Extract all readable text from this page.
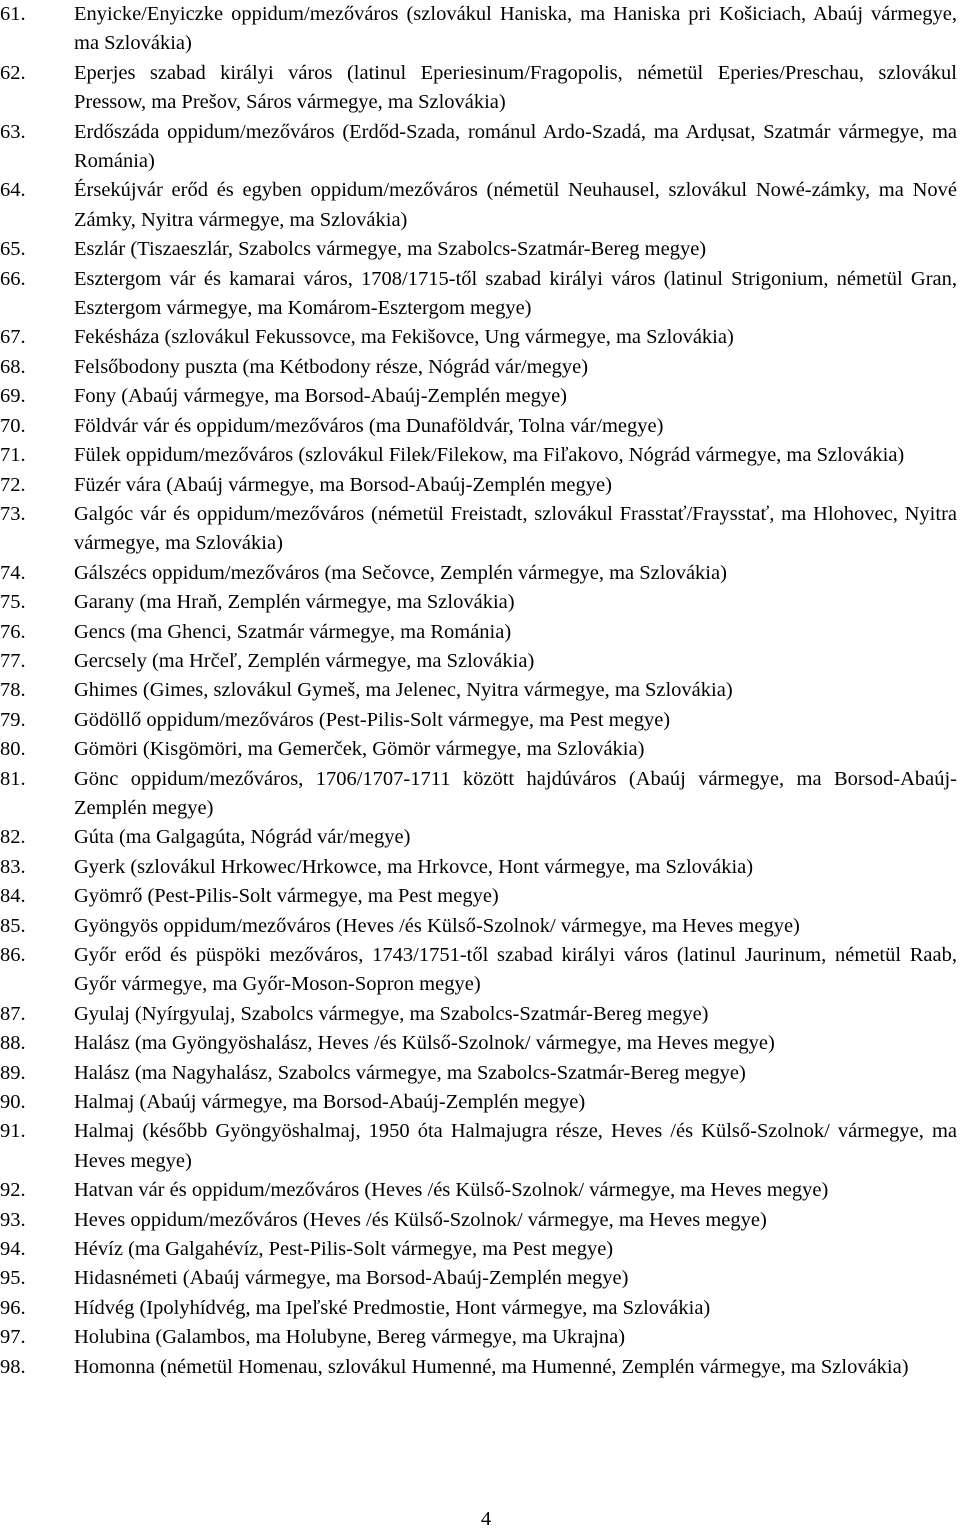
61. Enyicke/Enyiczke oppidum/mezőváros (szlovákul Haniska, ma Haniska pri Košiciach, Abaúj vármegye, ma Szlovákia)
62. Eperjes szabad királyi város (latinul Eperiesinum/Fragopolis, németül Eperies/Preschau, szlovákul Pressow, ma Prešov, Sáros vármegye, ma Szlovákia)
63. Erdőszáda oppidum/mezőváros (Erdőd-Szada, románul Ardo-Szadá, ma Ardụsat, Szatmár vármegye, ma Románia)
64. Érsekújvár erőd és egyben oppidum/mezőváros (németül Neuhausel, szlovákul Nowé-zámky, ma Nové Zámky, Nyitra vármegye, ma Szlovákia)
65. Eszlár (Tiszaeszlár, Szabolcs vármegye, ma Szabolcs-Szatmár-Bereg megye)
66. Esztergom vár és kamarai város, 1708/1715-től szabad királyi város (latinul Strigonium, németül Gran, Esztergom vármegye, ma Komárom-Esztergom megye)
67. Fekésháza (szlovákul Fekussovce, ma Fekišovce, Ung vármegye, ma Szlovákia)
68. Felsőbodony puszta (ma Kétbodony része, Nógrád vár/megye)
69. Fony (Abaúj vármegye, ma Borsod-Abaúj-Zemplén megye)
70. Földvár vár és oppidum/mezőváros (ma Dunaföldvár, Tolna vár/megye)
71. Fülek oppidum/mezőváros (szlovákul Filek/Filekow, ma Fiľakovo, Nógrád vármegye, ma Szlovákia)
72. Füzér vára (Abaúj vármegye, ma Borsod-Abaúj-Zemplén megye)
73. Galgóc vár és oppidum/mezőváros (németül Freistadt, szlovákul Frasstať/Fraysstať, ma Hlohovec, Nyitra vármegye, ma Szlovákia)
74. Gálszécs oppidum/mezőváros (ma Sečovce, Zemplén vármegye, ma Szlovákia)
75. Garany (ma Hraň, Zemplén vármegye, ma Szlovákia)
76. Gencs (ma Ghenci, Szatmár vármegye, ma Románia)
77. Gercsely (ma Hrčeľ, Zemplén vármegye, ma Szlovákia)
78. Ghimes (Gimes, szlovákul Gymeš, ma Jelenec, Nyitra vármegye, ma Szlovákia)
79. Gödöllő oppidum/mezőváros (Pest-Pilis-Solt vármegye, ma Pest megye)
80. Gömöri (Kisgömöri, ma Gemerček, Gömör vármegye, ma Szlovákia)
81. Gönc oppidum/mezőváros, 1706/1707-1711 között hajdúváros (Abaúj vármegye, ma Borsod-Abaúj-Zemplén megye)
82. Gúta (ma Galgagúta, Nógrád vár/megye)
83. Gyerk (szlovákul Hrkowec/Hrkowce, ma Hrkovce, Hont vármegye, ma Szlovákia)
84. Gyömrő (Pest-Pilis-Solt vármegye, ma Pest megye)
85. Gyöngyös oppidum/mezőváros (Heves /és Külső-Szolnok/ vármegye, ma Heves megye)
86. Győr erőd és püspöki mezőváros, 1743/1751-től szabad királyi város (latinul Jaurinum, németül Raab, Győr vármegye, ma Győr-Moson-Sopron megye)
87. Gyulaj (Nyírgyulaj, Szabolcs vármegye, ma Szabolcs-Szatmár-Bereg megye)
88. Halász (ma Gyöngyöshalász, Heves /és Külső-Szolnok/ vármegye, ma Heves megye)
89. Halász (ma Nagyhalász, Szabolcs vármegye, ma Szabolcs-Szatmár-Bereg megye)
90. Halmaj (Abaúj vármegye, ma Borsod-Abaúj-Zemplén megye)
91. Halmaj (később Gyöngyöshalmaj, 1950 óta Halmajugra része, Heves /és Külső-Szolnok/ vármegye, ma Heves megye)
92. Hatvan vár és oppidum/mezőváros (Heves /és Külső-Szolnok/ vármegye, ma Heves megye)
93. Heves oppidum/mezőváros (Heves /és Külső-Szolnok/ vármegye, ma Heves megye)
94. Hévíz (ma Galgahévíz, Pest-Pilis-Solt vármegye, ma Pest megye)
95. Hidasnémeti (Abaúj vármegye, ma Borsod-Abaúj-Zemplén megye)
96. Hídvég (Ipolyhídvég, ma Ipeľské Predmostie, Hont vármegye, ma Szlovákia)
97. Holubina (Galambos, ma Holubyne, Bereg vármegye, ma Ukrajna)
98. Homonna (németül Homenau, szlovákul Humenné, ma Humenné, Zemplén vármegye, ma Szlovákia)
4
